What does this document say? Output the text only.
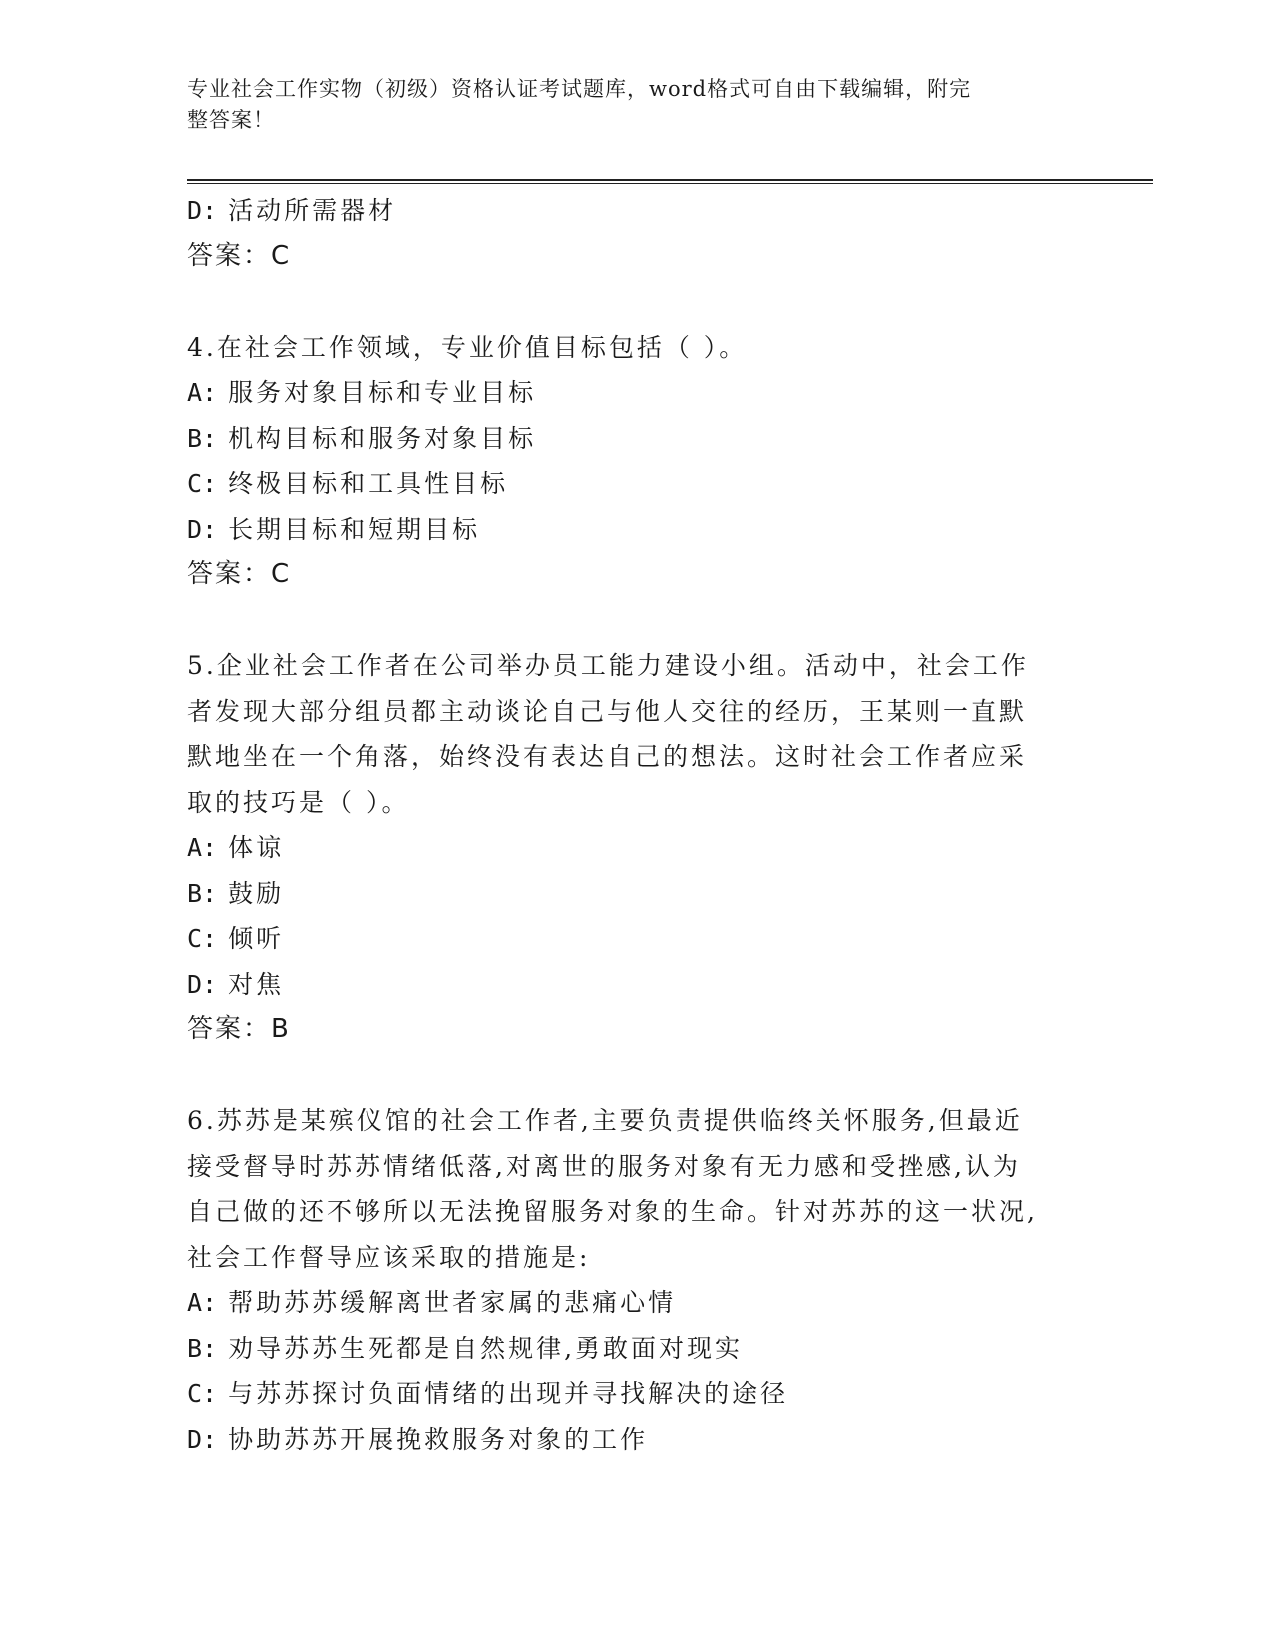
专业社会工作实物（初级）资格认证考试题库，word格式可自由下载编辑，附完
整答案！
D: 活动所需器材
答案：C
4.在社会工作领域，专业价值目标包括（ ）。
A: 服务对象目标和专业目标
B: 机构目标和服务对象目标
C: 终极目标和工具性目标
D: 长期目标和短期目标
答案：C
5.企业社会工作者在公司举办员工能力建设小组。活动中，社会工作
者发现大部分组员都主动谈论自己与他人交往的经历，王某则一直默
默地坐在一个角落，始终没有表达自己的想法。这时社会工作者应采
取的技巧是（ ）。
A: 体谅
B: 鼓励
C: 倾听
D: 对焦
答案：B
6.苏苏是某殡仪馆的社会工作者,主要负责提供临终关怀服务,但最近
接受督导时苏苏情绪低落,对离世的服务对象有无力感和受挫感,认为
自己做的还不够所以无法挽留服务对象的生命。针对苏苏的这一状况,
社会工作督导应该采取的措施是:
A: 帮助苏苏缓解离世者家属的悲痛心情
B: 劝导苏苏生死都是自然规律,勇敢面对现实
C: 与苏苏探讨负面情绪的出现并寻找解决的途径
D: 协助苏苏开展挽救服务对象的工作
